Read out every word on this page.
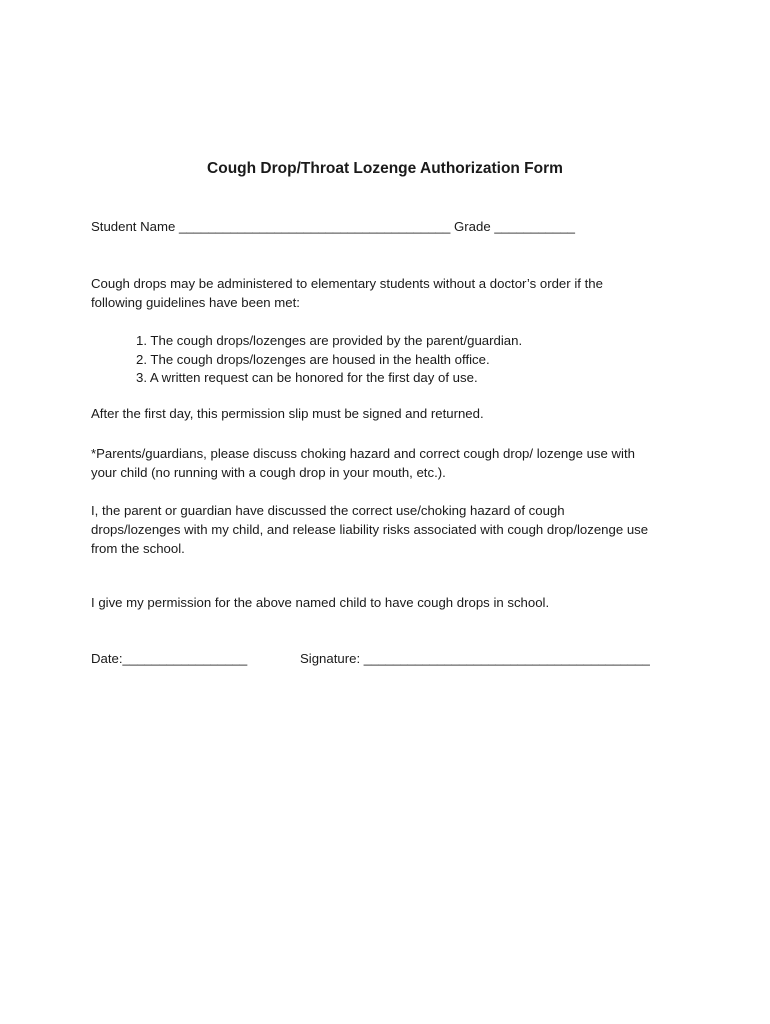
Cough Drop/Throat Lozenge Authorization Form
Student Name _____________________________________ Grade ___________
Cough drops may be administered to elementary students without a doctor’s order if the
following guidelines have been met:
1. The cough drops/lozenges are provided by the parent/guardian.
2. The cough drops/lozenges are housed in the health office.
3. A written request can be honored for the first day of use.
After the first day, this permission slip must be signed and returned.
*Parents/guardians, please discuss choking hazard and correct cough drop/ lozenge use with
your child (no running with a cough drop in your mouth, etc.).
I, the parent or guardian have discussed the correct use/choking hazard of cough
drops/lozenges with my child, and release liability risks associated with cough drop/lozenge use
from the school.
I give my permission for the above named child to have cough drops in school.
Date:_________________	Signature: _______________________________________
